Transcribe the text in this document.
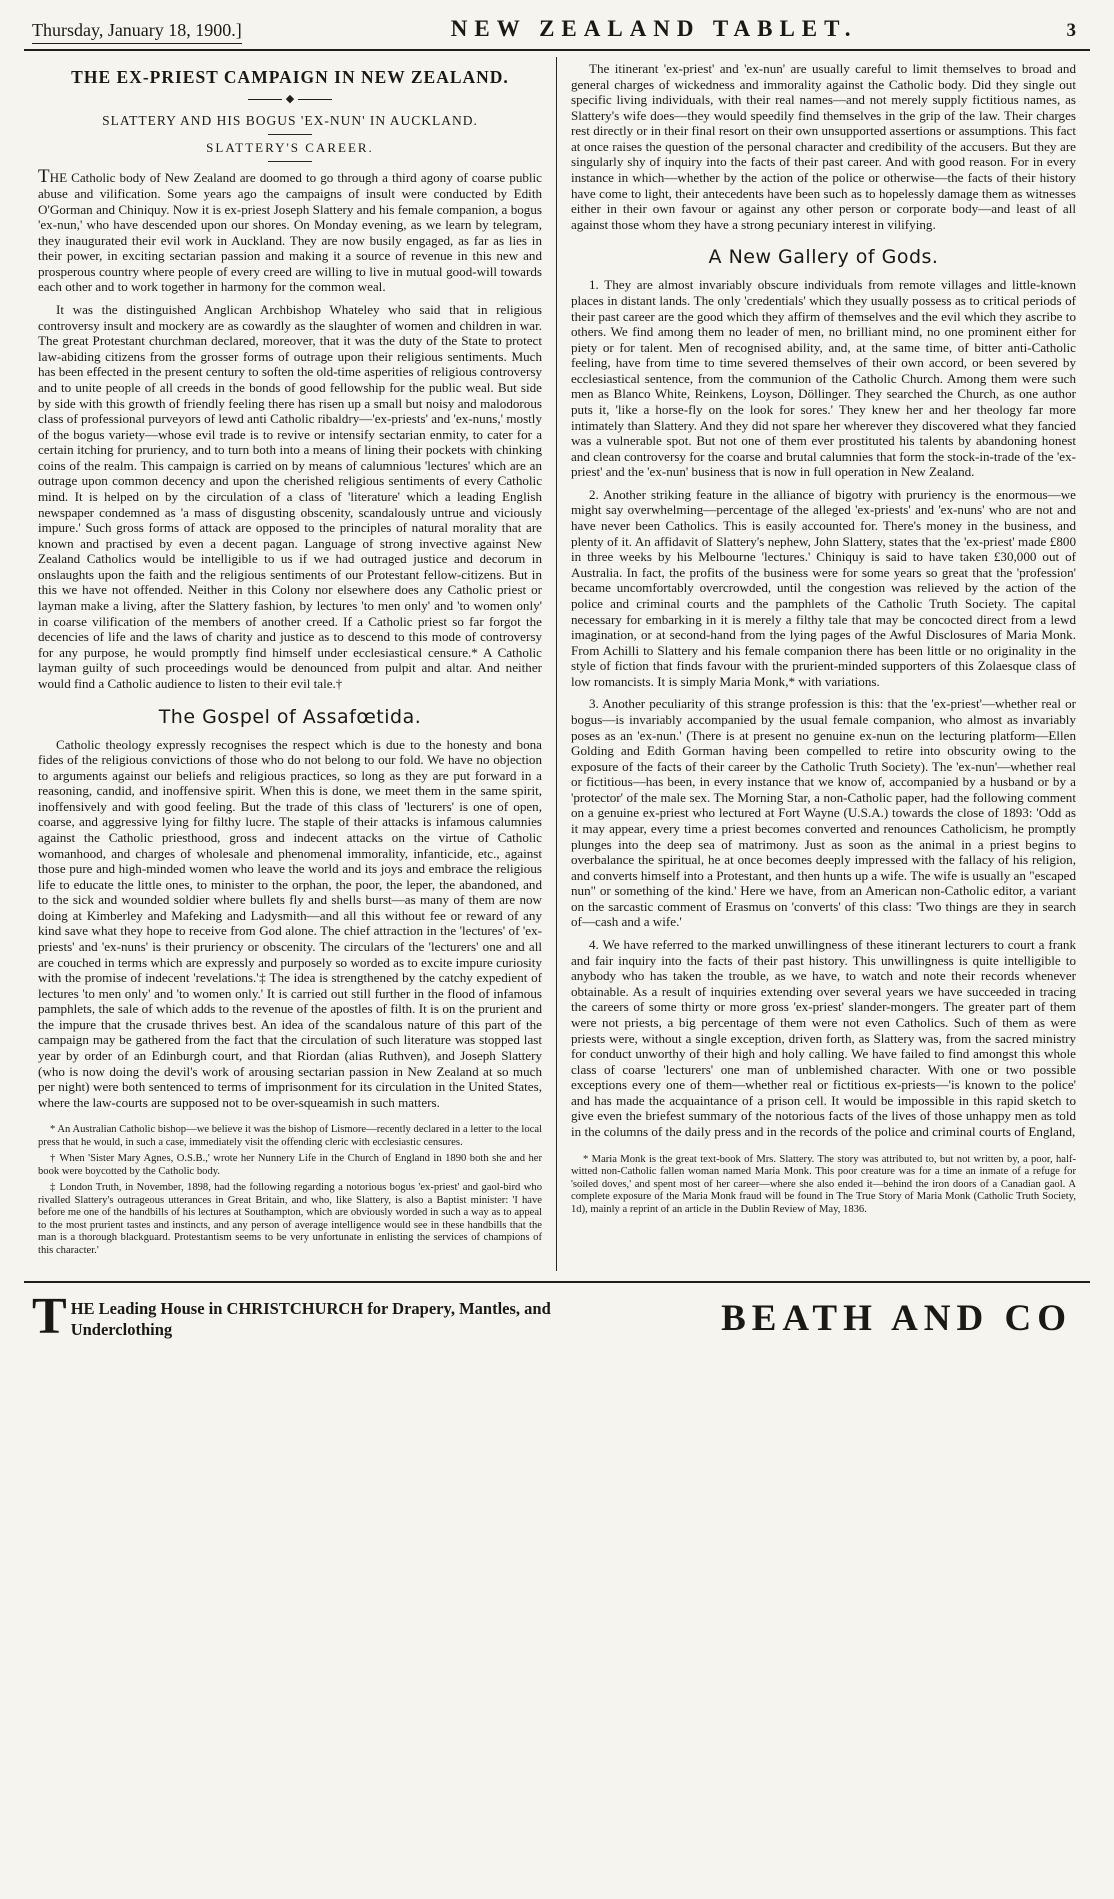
Thursday, January 18, 1900.]	NEW ZEALAND TABLET.	3
THE EX-PRIEST CAMPAIGN IN NEW ZEALAND.
◆
SLATTERY AND HIS BOGUS 'EX-NUN' IN AUCKLAND.
SLATTERY'S CAREER.

THE Catholic body of New Zealand are doomed to go through a third agony of coarse public abuse and vilification. Some years ago the campaigns of insult were conducted by Edith O'Gorman and Chiniquy. Now it is ex-priest Joseph Slattery and his female companion, a bogus 'ex-nun,' who have descended upon our shores. On Monday evening, as we learn by telegram, they inaugurated their evil work in Auckland. They are now busily engaged, as far as lies in their power, in exciting sectarian passion and making it a source of revenue in this new and prosperous country where people of every creed are willing to live in mutual good-will towards each other and to work together in harmony for the common weal.

It was the distinguished Anglican Archbishop Whateley who said that in religious controversy insult and mockery are as cowardly as the slaughter of women and children in war. The great Protestant churchman declared, moreover, that it was the duty of the State to protect law-abiding citizens from the grosser forms of outrage upon their religious sentiments. Much has been effected in the present century to soften the old-time asperities of religious controversy and to unite people of all creeds in the bonds of good fellowship for the public weal. But side by side with this growth of friendly feeling there has risen up a small but noisy and malodorous class of professional purveyors of lewd anti Catholic ribaldry—'ex-priests' and 'ex-nuns,' mostly of the bogus variety—whose evil trade is to revive or intensify sectarian enmity, to cater for a certain itching for pruriency, and to turn both into a means of lining their pockets with chinking coins of the realm. This campaign is carried on by means of calumnious 'lectures' which are an outrage upon common decency and upon the cherished religious sentiments of every Catholic mind. It is helped on by the circulation of a class of 'literature' which a leading English newspaper condemned as 'a mass of disgusting obscenity, scandalously untrue and viciously impure.' Such gross forms of attack are opposed to the principles of natural morality that are known and practised by even a decent pagan. Language of strong invective against New Zealand Catholics would be intelligible to us if we had outraged justice and decorum in onslaughts upon the faith and the religious sentiments of our Protestant fellow-citizens. But in this we have not offended. Neither in this Colony nor elsewhere does any Catholic priest or layman make a living, after the Slattery fashion, by lectures 'to men only' and 'to women only' in coarse vilification of the members of another creed. If a Catholic priest so far forgot the decencies of life and the laws of charity and justice as to descend to this mode of controversy for any purpose, he would promptly find himself under ecclesiastical censure.* A Catholic layman guilty of such proceedings would be denounced from pulpit and altar. And neither would find a Catholic audience to listen to their evil tale.†

The Gospel of Assafœtida.

Catholic theology expressly recognises the respect which is due to the honesty and bona fides of the religious convictions of those who do not belong to our fold. We have no objection to arguments against our beliefs and religious practices, so long as they are put forward in a reasoning, candid, and inoffensive spirit. When this is done, we meet them in the same spirit, inoffensively and with good feeling. But the trade of this class of 'lecturers' is one of open, coarse, and aggressive lying for filthy lucre. The staple of their attacks is infamous calumnies against the Catholic priesthood, gross and indecent attacks on the virtue of Catholic womanhood, and charges of wholesale and phenomenal immorality, infanticide, etc., against those pure and high-minded women who leave the world and its joys and embrace the religious life to educate the little ones, to minister to the orphan, the poor, the leper, the abandoned, and to the sick and wounded soldier where bullets fly and shells burst—as many of them are now doing at Kimberley and Mafeking and Ladysmith—and all this without fee or reward of any kind save what they hope to receive from God alone. The chief attraction in the 'lectures' of 'ex-priests' and 'ex-nuns' is their pruriency or obscenity. The circulars of the 'lecturers' one and all are couched in terms which are expressly and purposely so worded as to excite impure curiosity with the promise of indecent 'revelations.'‡ The idea is strengthened by the catchy expedient of lectures 'to men only' and 'to women only.' It is carried out still further in the flood of infamous pamphlets, the sale of which adds to the revenue of the apostles of filth. It is on the prurient and the impure that the crusade thrives best. An idea of the scandalous nature of this part of the campaign may be gathered from the fact that the circulation of such literature was stopped last year by order of an Edinburgh court, and that Riordan (alias Ruthven), and Joseph Slattery (who is now doing the devil's work of arousing sectarian passion in New Zealand at so much per night) were both sentenced to terms of imprisonment for its circulation in the United States, where the law-courts are supposed not to be over-squeamish in such matters.

* An Australian Catholic bishop—we believe it was the bishop of Lismore—recently declared in a letter to the local press that he would, in such a case, immediately visit the offending cleric with ecclesiastic censures.

† When 'Sister Mary Agnes, O.S.B.,' wrote her Nunnery Life in the Church of England in 1890 both she and her book were boycotted by the Catholic body.

‡ London Truth, in November, 1898, had the following regarding a notorious bogus 'ex-priest' and gaol-bird who rivalled Slattery's outrageous utterances in Great Britain, and who, like Slattery, is also a Baptist minister: 'I have before me one of the handbills of his lectures at Southampton, which are obviously worded in such a way as to appeal to the most prurient tastes and instincts, and any person of average intelligence would see in these handbills that the man is a thorough blackguard. Protestantism seems to be very unfortunate in enlisting the services of champions of this character.'

The itinerant 'ex-priest' and 'ex-nun' are usually careful to limit themselves to broad and general charges of wickedness and immorality against the Catholic body. Did they single out specific living individuals, with their real names—and not merely supply fictitious names, as Slattery's wife does—they would speedily find themselves in the grip of the law. Their charges rest directly or in their final resort on their own unsupported assertions or assumptions. This fact at once raises the question of the personal character and credibility of the accusers. But they are singularly shy of inquiry into the facts of their past career. And with good reason. For in every instance in which—whether by the action of the police or otherwise—the facts of their history have come to light, their antecedents have been such as to hopelessly damage them as witnesses either in their own favour or against any other person or corporate body—and least of all against those whom they have a strong pecuniary interest in vilifying.

A New Gallery of Gods.

1. They are almost invariably obscure individuals from remote villages and little-known places in distant lands. The only 'credentials' which they usually possess as to critical periods of their past career are the good which they affirm of themselves and the evil which they ascribe to others. We find among them no leader of men, no brilliant mind, no one prominent either for piety or for talent. Men of recognised ability, and, at the same time, of bitter anti-Catholic feeling, have from time to time severed themselves of their own accord, or been severed by ecclesiastical sentence, from the communion of the Catholic Church. Among them were such men as Blanco White, Reinkens, Loyson, Döllinger. They searched the Church, as one author puts it, 'like a horse-fly on the look for sores.' They knew her and her theology far more intimately than Slattery. And they did not spare her wherever they discovered what they fancied was a vulnerable spot. But not one of them ever prostituted his talents by abandoning honest and clean controversy for the coarse and brutal calumnies that form the stock-in-trade of the 'ex-priest' and the 'ex-nun' business that is now in full operation in New Zealand.

2. Another striking feature in the alliance of bigotry with pruriency is the enormous—we might say overwhelming—percentage of the alleged 'ex-priests' and 'ex-nuns' who are not and have never been Catholics. This is easily accounted for. There's money in the business, and plenty of it. An affidavit of Slattery's nephew, John Slattery, states that the 'ex-priest' made £800 in three weeks by his Melbourne 'lectures.' Chiniquy is said to have taken £30,000 out of Australia. In fact, the profits of the business were for some years so great that the 'profession' became uncomfortably overcrowded, until the congestion was relieved by the action of the police and criminal courts and the pamphlets of the Catholic Truth Society. The capital necessary for embarking in it is merely a filthy tale that may be concocted direct from a lewd imagination, or at second-hand from the lying pages of the Awful Disclosures of Maria Monk. From Achilli to Slattery and his female companion there has been little or no originality in the style of fiction that finds favour with the prurient-minded supporters of this Zolaesque class of low romancists. It is simply Maria Monk,* with variations.

3. Another peculiarity of this strange profession is this: that the 'ex-priest'—whether real or bogus—is invariably accompanied by the usual female companion, who almost as invariably poses as an 'ex-nun.' (There is at present no genuine ex-nun on the lecturing platform—Ellen Golding and Edith Gorman having been compelled to retire into obscurity owing to the exposure of the facts of their career by the Catholic Truth Society). The 'ex-nun'—whether real or fictitious—has been, in every instance that we know of, accompanied by a husband or by a 'protector' of the male sex. The Morning Star, a non-Catholic paper, had the following comment on a genuine ex-priest who lectured at Fort Wayne (U.S.A.) towards the close of 1893: 'Odd as it may appear, every time a priest becomes converted and renounces Catholicism, he promptly plunges into the deep sea of matrimony. Just as soon as the animal in a priest begins to overbalance the spiritual, he at once becomes deeply impressed with the fallacy of his religion, and converts himself into a Protestant, and then hunts up a wife. The wife is usually an "escaped nun" or something of the kind.' Here we have, from an American non-Catholic editor, a variant on the sarcastic comment of Erasmus on 'converts' of this class: 'Two things are they in search of—cash and a wife.'

4. We have referred to the marked unwillingness of these itinerant lecturers to court a frank and fair inquiry into the facts of their past history. This unwillingness is quite intelligible to anybody who has taken the trouble, as we have, to watch and note their records whenever obtainable. As a result of inquiries extending over several years we have succeeded in tracing the careers of some thirty or more gross 'ex-priest' slander-mongers. The greater part of them were not priests, a big percentage of them were not even Catholics. Such of them as were priests were, without a single exception, driven forth, as Slattery was, from the sacred ministry for conduct unworthy of their high and holy calling. We have failed to find amongst this whole class of coarse 'lecturers' one man of unblemished character. With one or two possible exceptions every one of them—whether real or fictitious ex-priests—'is known to the police' and has made the acquaintance of a prison cell. It would be impossible in this rapid sketch to give even the briefest summary of the notorious facts of the lives of those unhappy men as told in the columns of the daily press and in the records of the police and criminal courts of England,

* Maria Monk is the great text-book of Mrs. Slattery. The story was attributed to, but not written by, a poor, half-witted non-Catholic fallen woman named Maria Monk. This poor creature was for a time an inmate of a refuge for 'soiled doves,' and spent most of her career—where she also ended it—behind the iron doors of a Canadian gaol. A complete exposure of the Maria Monk fraud will be found in The True Story of Maria Monk (Catholic Truth Society, 1d), mainly a reprint of an article in the Dublin Review of May, 1836.

T HE Leading House in CHRISTCHURCH for Drapery, Mantles, and Underclothing	BEATH AND CO
